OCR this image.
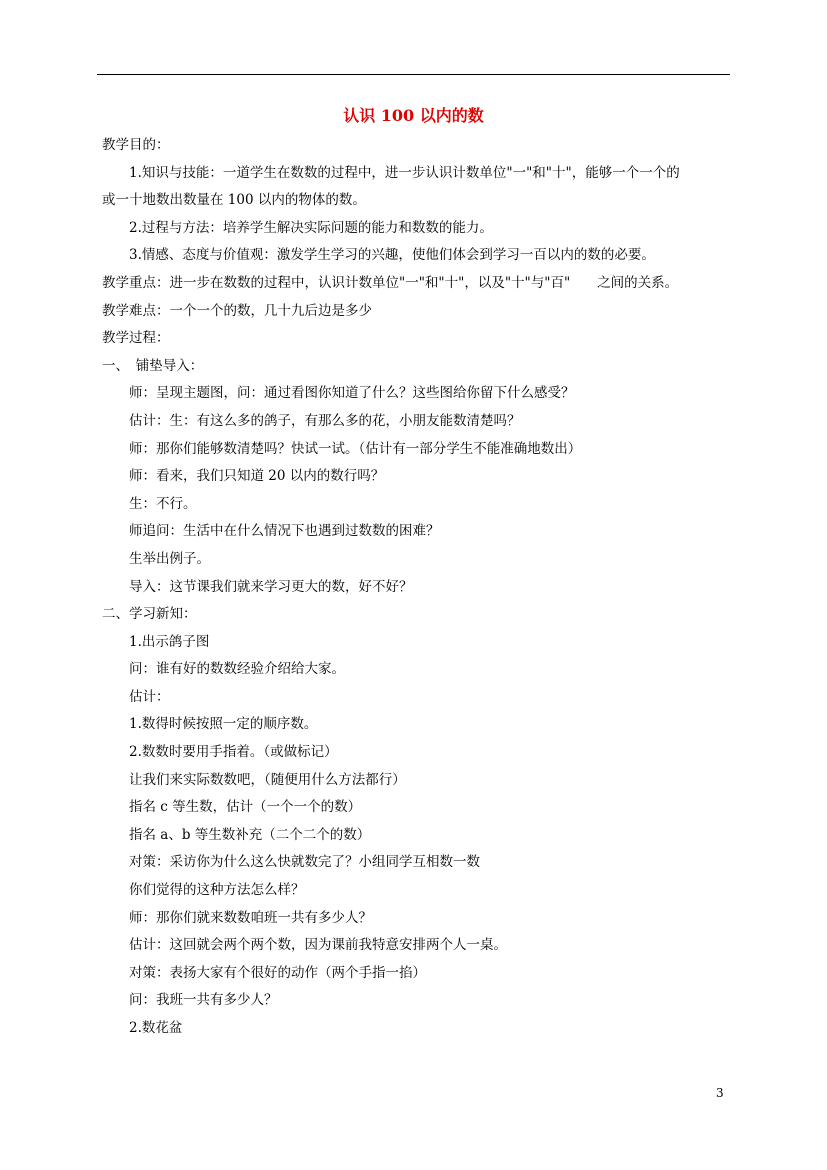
认识 100 以内的数
教学目的：
1.知识与技能：一道学生在数数的过程中，进一步认识计数单位"一"和"十"，能够一个一个的
或一十地数出数量在 100 以内的物体的数。
2.过程与方法：培养学生解决实际问题的能力和数数的能力。
3.情感、态度与价值观：激发学生学习的兴趣，使他们体会到学习一百以内的数的必要。
教学重点：进一步在数数的过程中，认识计数单位"一"和"十"，以及"十"与"百"　　之间的关系。
教学难点：一个一个的数，几十九后边是多少
教学过程：
一、　铺垫导入：
师：呈现主题图，问：通过看图你知道了什么？这些图给你留下什么感受？
估计：生：有这么多的鸽子，有那么多的花，小朋友能数清楚吗？
师：那你们能够数清楚吗？快试一试。（估计有一部分学生不能准确地数出）
师：看来，我们只知道 20 以内的数行吗？
生：不行。
师追问：生活中在什么情况下也遇到过数数的困难？
生举出例子。
导入：这节课我们就来学习更大的数，好不好？
二、学习新知：
1.出示鸽子图
问：谁有好的数数经验介绍给大家。
估计：
1.数得时候按照一定的顺序数。
2.数数时要用手指着。（或做标记）
让我们来实际数数吧，（随便用什么方法都行）
指名 c 等生数，估计（一个一个的数）
指名 a、b 等生数补充（二个二个的数）
对策：采访你为什么这么快就数完了？小组同学互相数一数
你们觉得的这种方法怎么样？
师：那你们就来数数咱班一共有多少人？
估计：这回就会两个两个数，因为课前我特意安排两个人一桌。
对策：表扬大家有个很好的动作（两个手指一掐）
问：我班一共有多少人？
2.数花盆
3
